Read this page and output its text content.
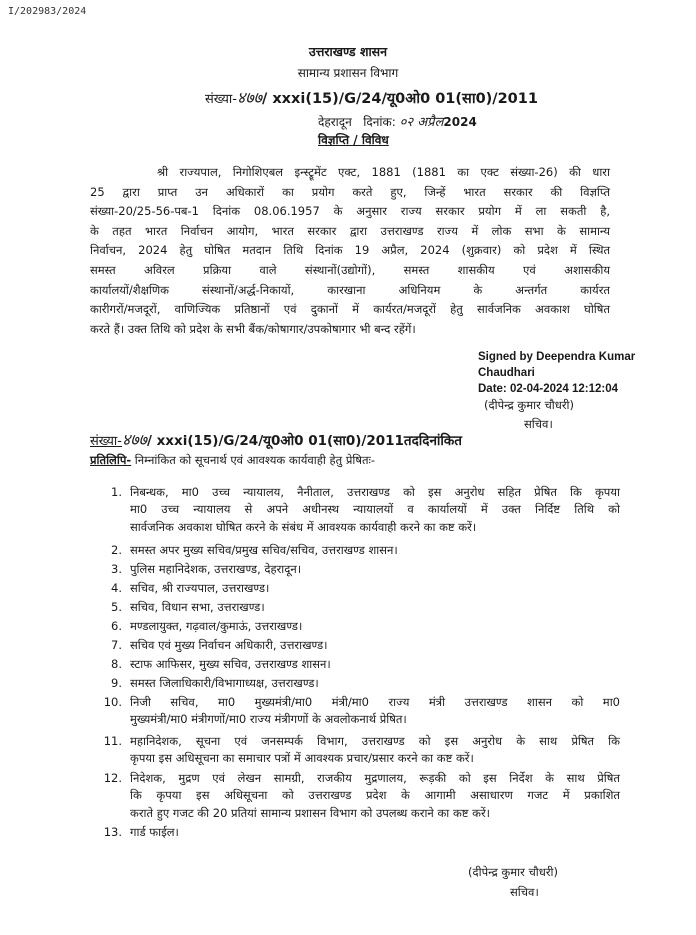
I/202983/2024
उत्तराखण्ड शासन
सामान्य प्रशासन विभाग
संख्या-४७७/ xxxi(15)/G/24/यू0ओ0 01(सा0)/2011
देहरादून दिनांक: ०२ अप्रैल2024
विज्ञप्ति / विविध

श्री राज्यपाल, निगोशिएबल इन्स्ट्रूमेंट एक्ट, 1881 (1881 का एक्ट संख्या-26) की धारा

25 द्वारा प्राप्त उन अधिकारों का प्रयोग करते हुए, जिन्हें भारत सरकार की विज्ञप्ति

संख्या-20/25-56-पब-1 दिनांक 08.06.1957 के अनुसार राज्य सरकार प्रयोग में ला सकती है,

के तहत भारत निर्वाचन आयोग, भारत सरकार द्वारा उत्तराखण्ड राज्य में लोक सभा के सामान्य

निर्वाचन, 2024 हेतु घोषित मतदान तिथि दिनांक 19 अप्रैल, 2024 (शुक्रवार) को प्रदेश में स्थित

समस्त अविरल प्रक्रिया वाले संस्थानों(उद्योगों), समस्त शासकीय एवं अशासकीय

कार्यालयों/शैक्षणिक संस्थानों/अर्द्ध-निकायों, कारखाना अधिनियम के अन्तर्गत कार्यरत

कारीगरों/मजदूरों, वाणिज्यिक प्रतिष्ठानों एवं दुकानों में कार्यरत/मजदूरों हेतु सार्वजनिक अवकाश घोषित

करते हैं। उक्त तिथि को प्रदेश के सभी बैंक/कोषागार/उपकोषागार भी बन्द रहेंगें।

Signed by Deependra Kumar
Chaudhari
Date: 02-04-2024 12:12:04
(दीपेन्द्र कुमार चौधरी)
सचिव।
संख्या-४७७/ xxxi(15)/G/24/यू0ओ0 01(सा0)/2011तददिनांकित
प्रतिलिपि- निम्नांकित को सूचनार्थ एवं आवश्यक कार्यवाही हेतु प्रेषितः-
1. निबन्धक, मा0 उच्च न्यायालय, नैनीताल, उत्तराखण्ड को इस अनुरोध सहित प्रेषित कि कृपया

मा0 उच्च न्यायालय से अपने अधीनस्थ न्यायालयों व कार्यालयों में उक्त निर्दिष्ट तिथि को

सार्वजनिक अवकाश घोषित करने के संबंध में आवश्यक कार्यवाही करने का कष्ट करें।

2. समस्त अपर मुख्य सचिव/प्रमुख सचिव/सचिव, उत्तराखण्ड शासन।

3. पुलिस महानिदेशक, उत्तराखण्ड, देहरादून।

4. सचिव, श्री राज्यपाल, उत्तराखण्ड।

5. सचिव, विधान सभा, उत्तराखण्ड।

6. मण्डलायुक्त, गढ़वाल/कुमाऊं, उत्तराखण्ड।

7. सचिव एवं मुख्य निर्वाचन अधिकारी, उत्तराखण्ड।

8. स्टाफ आफिसर, मुख्य सचिव, उत्तराखण्ड शासन।

9. समस्त जिलाधिकारी/विभागाध्यक्ष, उत्तराखण्ड।

10. निजी सचिव, मा0 मुख्यमंत्री/मा0 मंत्री/मा0 राज्य मंत्री उत्तराखण्ड शासन को मा0

मुख्यमंत्री/मा0 मंत्रीगणों/मा0 राज्य मंत्रीगणों के अवलोकनार्थ प्रेषित।

11. महानिदेशक, सूचना एवं जनसम्पर्क विभाग, उत्तराखण्ड को इस अनुरोध के साथ प्रेषित कि

कृपया इस अधिसूचना का समाचार पत्रों में आवश्यक प्रचार/प्रसार करने का कष्ट करें।

12. निदेशक, मुद्रण एवं लेखन सामग्री, राजकीय मुद्रणालय, रूड़की को इस निर्देश के साथ प्रेषित

कि कृपया इस अधिसूचना को उत्तराखण्ड प्रदेश के आगामी असाधारण गजट में प्रकाशित

कराते हुए गजट की 20 प्रतियां सामान्य प्रशासन विभाग को उपलब्ध कराने का कष्ट करें।

13. गार्ड फाईल।

(दीपेन्द्र कुमार चौधरी)
सचिव।
